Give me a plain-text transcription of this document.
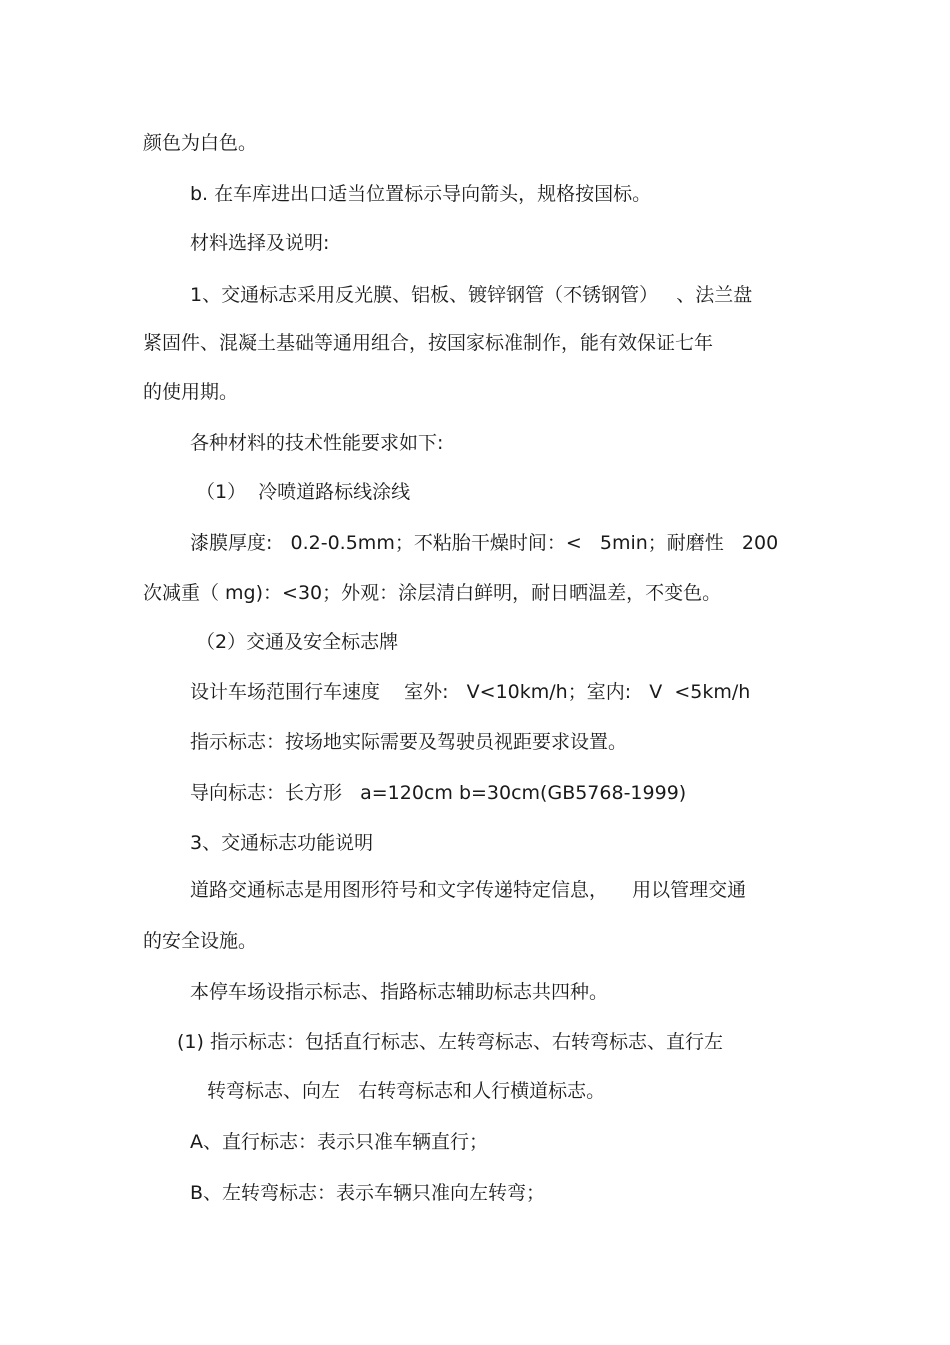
颜色为白色。

b. 在车库进出口适当位置标示导向箭头，规格按国标。

材料选择及说明:

1、交通标志采用反光膜、铝板、镀锌钢管（不锈钢管）   、法兰盘

紧固件、混凝土基础等通用组合，按国家标准制作，能有效保证七年

的使用期。

各种材料的技术性能要求如下:

（1）  冷喷道路标线涂线

漆膜厚度:   0.2-0.5mm；不粘胎干燥时间：<   5min；耐磨性   200

次减重（ mg)：<30；外观：涂层清白鲜明，耐日晒温差，不变色。

（2）交通及安全标志牌

设计车场范围行车速度    室外:   V<10km/h；室内:   V  <5km/h

指示标志：按场地实际需要及驾驶员视距要求设置。

导向标志：长方形   a=120cm b=30cm(GB5768-1999)

3、交通标志功能说明

道路交通标志是用图形符号和文字传递特定信息，    用以管理交通

的安全设施。

本停车场设指示标志、指路标志辅助标志共四种。

(1) 指示标志：包括直行标志、左转弯标志、右转弯标志、直行左

转弯标志、向左   右转弯标志和人行横道标志。

A、直行标志：表示只准车辆直行；

B、左转弯标志：表示车辆只准向左转弯；
